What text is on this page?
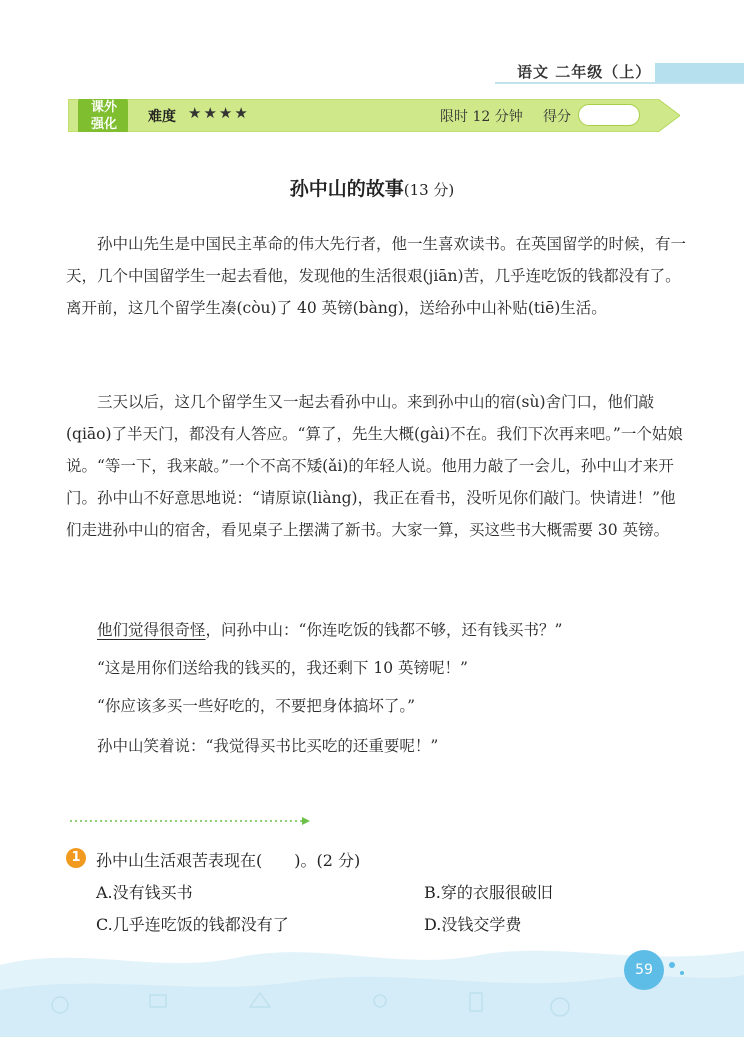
语文 二年级（上）
课外
强化	难度 ★★★★	限时 12 分钟 得分
孙中山的故事(13 分)

孙中山先生是中国民主革命的伟大先行者，他一生喜欢读书。在英国留学的时候，有一天，几个中国留学生一起去看他，发现他的生活很艰(jiān)苦，几乎连吃饭的钱都没有了。离开前，这几个留学生凑(còu)了 40 英镑(bàng)，送给孙中山补贴(tiē)生活。

三天以后，这几个留学生又一起去看孙中山。来到孙中山的宿(sù)舍门口，他们敲(qiāo)了半天门，都没有人答应。“算了，先生大概(gài)不在。我们下次再来吧。”一个姑娘说。“等一下，我来敲。”一个不高不矮(ǎi)的年轻人说。他用力敲了一会儿，孙中山才来开门。孙中山不好意思地说：“请原谅(liàng)，我正在看书，没听见你们敲门。快请进！”他们走进孙中山的宿舍，看见桌子上摆满了新书。大家一算，买这些书大概需要 30 英镑。

他们觉得很奇怪，问孙中山：“你连吃饭的钱都不够，还有钱买书？”

“这是用你们送给我的钱买的，我还剩下 10 英镑呢！”

“你应该多买一些好吃的，不要把身体搞坏了。”

孙中山笑着说：“我觉得买书比买吃的还重要呢！”

1 孙中山生活艰苦表现在(　　)。(2 分)
A.没有钱买书	B.穿的衣服很破旧
C.几乎连吃饭的钱都没有了	D.没钱交学费
59
